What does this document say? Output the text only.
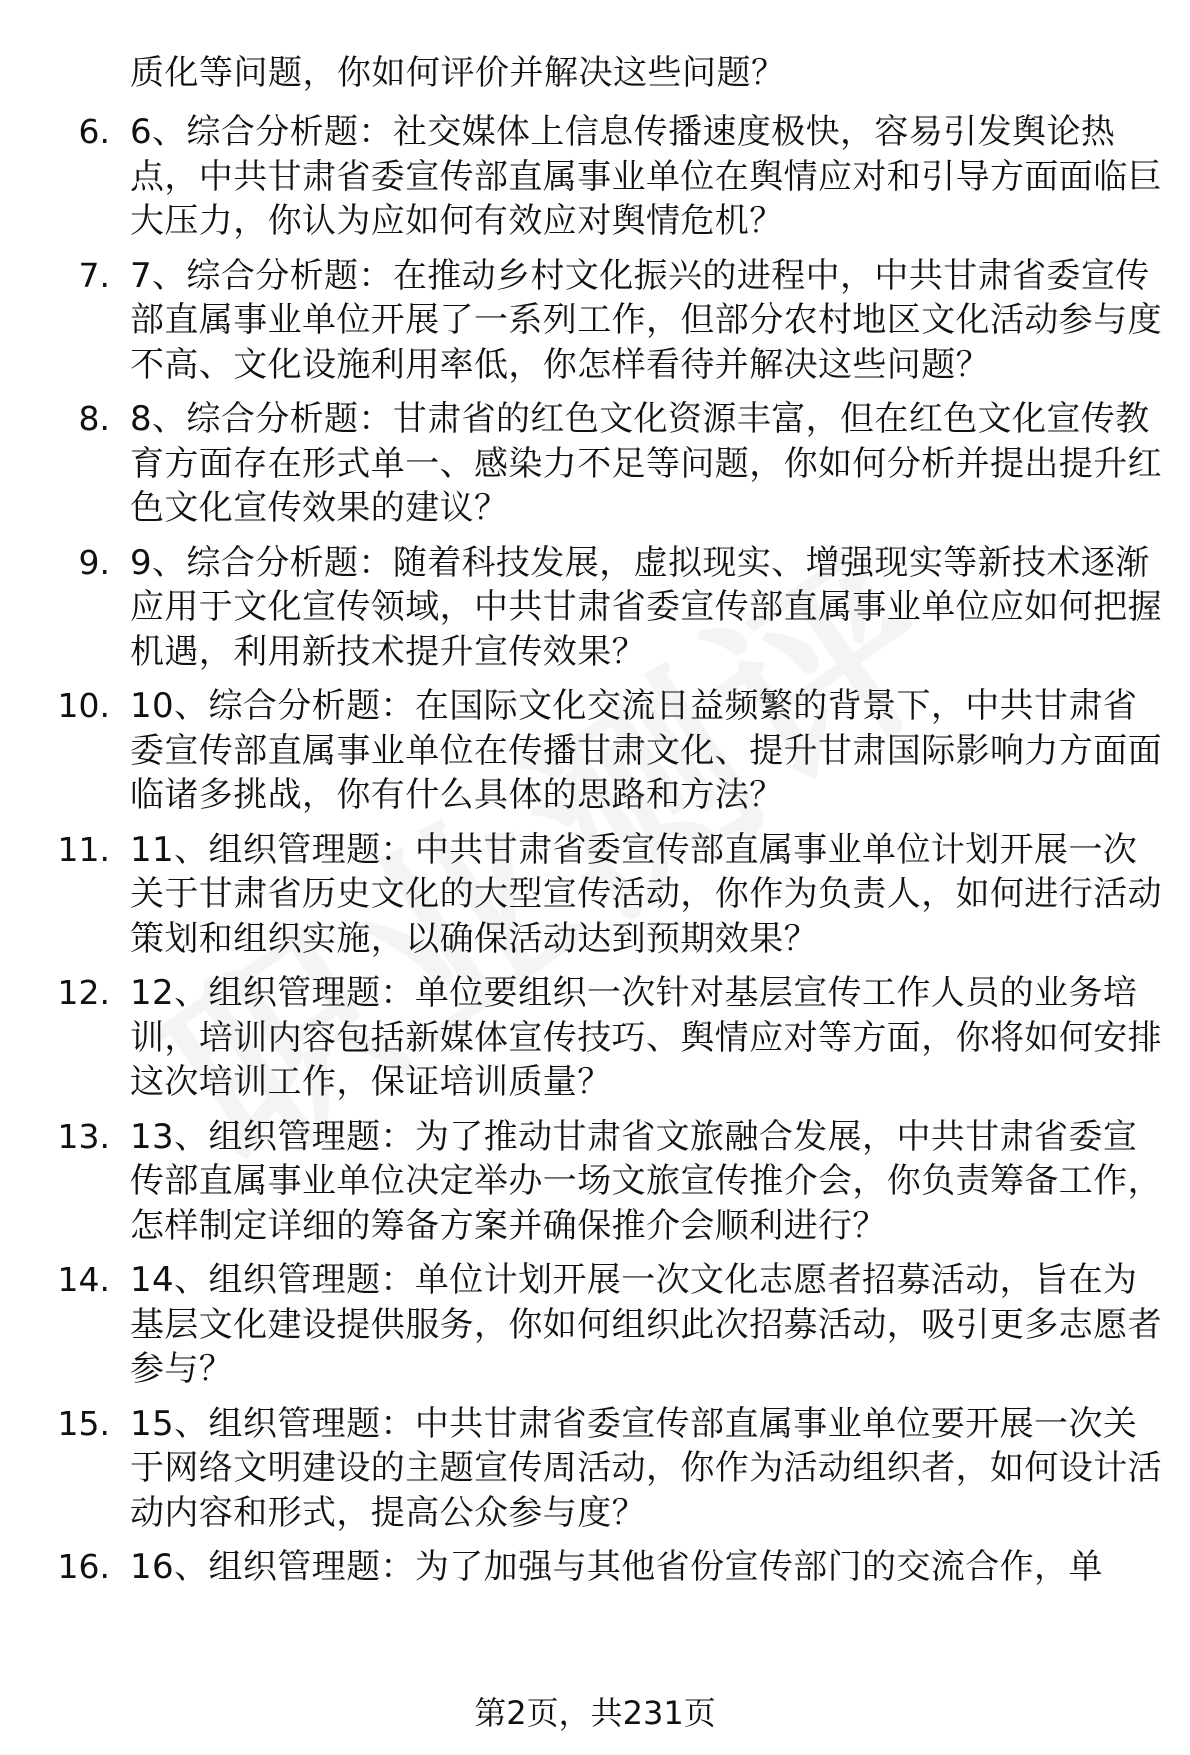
质化等问题，你如何评价并解决这些问题？
6. 6、综合分析题：社交媒体上信息传播速度极快，容易引发舆论热点，中共甘肃省委宣传部直属事业单位在舆情应对和引导方面面临巨大压力，你认为应如何有效应对舆情危机？
7. 7、综合分析题：在推动乡村文化振兴的进程中，中共甘肃省委宣传部直属事业单位开展了一系列工作，但部分农村地区文化活动参与度不高、文化设施利用率低，你怎样看待并解决这些问题？
8. 8、综合分析题：甘肃省的红色文化资源丰富，但在红色文化宣传教育方面存在形式单一、感染力不足等问题，你如何分析并提出提升红色文化宣传效果的建议？
9. 9、综合分析题：随着科技发展，虚拟现实、增强现实等新技术逐渐应用于文化宣传领域，中共甘肃省委宣传部直属事业单位应如何把握机遇，利用新技术提升宣传效果？
10. 10、综合分析题：在国际文化交流日益频繁的背景下，中共甘肃省委宣传部直属事业单位在传播甘肃文化、提升甘肃国际影响力方面面临诸多挑战，你有什么具体的思路和方法？
11. 11、组织管理题：中共甘肃省委宣传部直属事业单位计划开展一次关于甘肃省历史文化的大型宣传活动，你作为负责人，如何进行活动策划和组织实施，以确保活动达到预期效果？
12. 12、组织管理题：单位要组织一次针对基层宣传工作人员的业务培训，培训内容包括新媒体宣传技巧、舆情应对等方面，你将如何安排这次培训工作，保证培训质量？
13. 13、组织管理题：为了推动甘肃省文旅融合发展，中共甘肃省委宣传部直属事业单位决定举办一场文旅宣传推介会，你负责筹备工作，怎样制定详细的筹备方案并确保推介会顺利进行？
14. 14、组织管理题：单位计划开展一次文化志愿者招募活动，旨在为基层文化建设提供服务，你如何组织此次招募活动，吸引更多志愿者参与？
15. 15、组织管理题：中共甘肃省委宣传部直属事业单位要开展一次关于网络文明建设的主题宣传周活动，你作为活动组织者，如何设计活动内容和形式，提高公众参与度？
16. 16、组织管理题：为了加强与其他省份宣传部门的交流合作，单
第2页，共231页
